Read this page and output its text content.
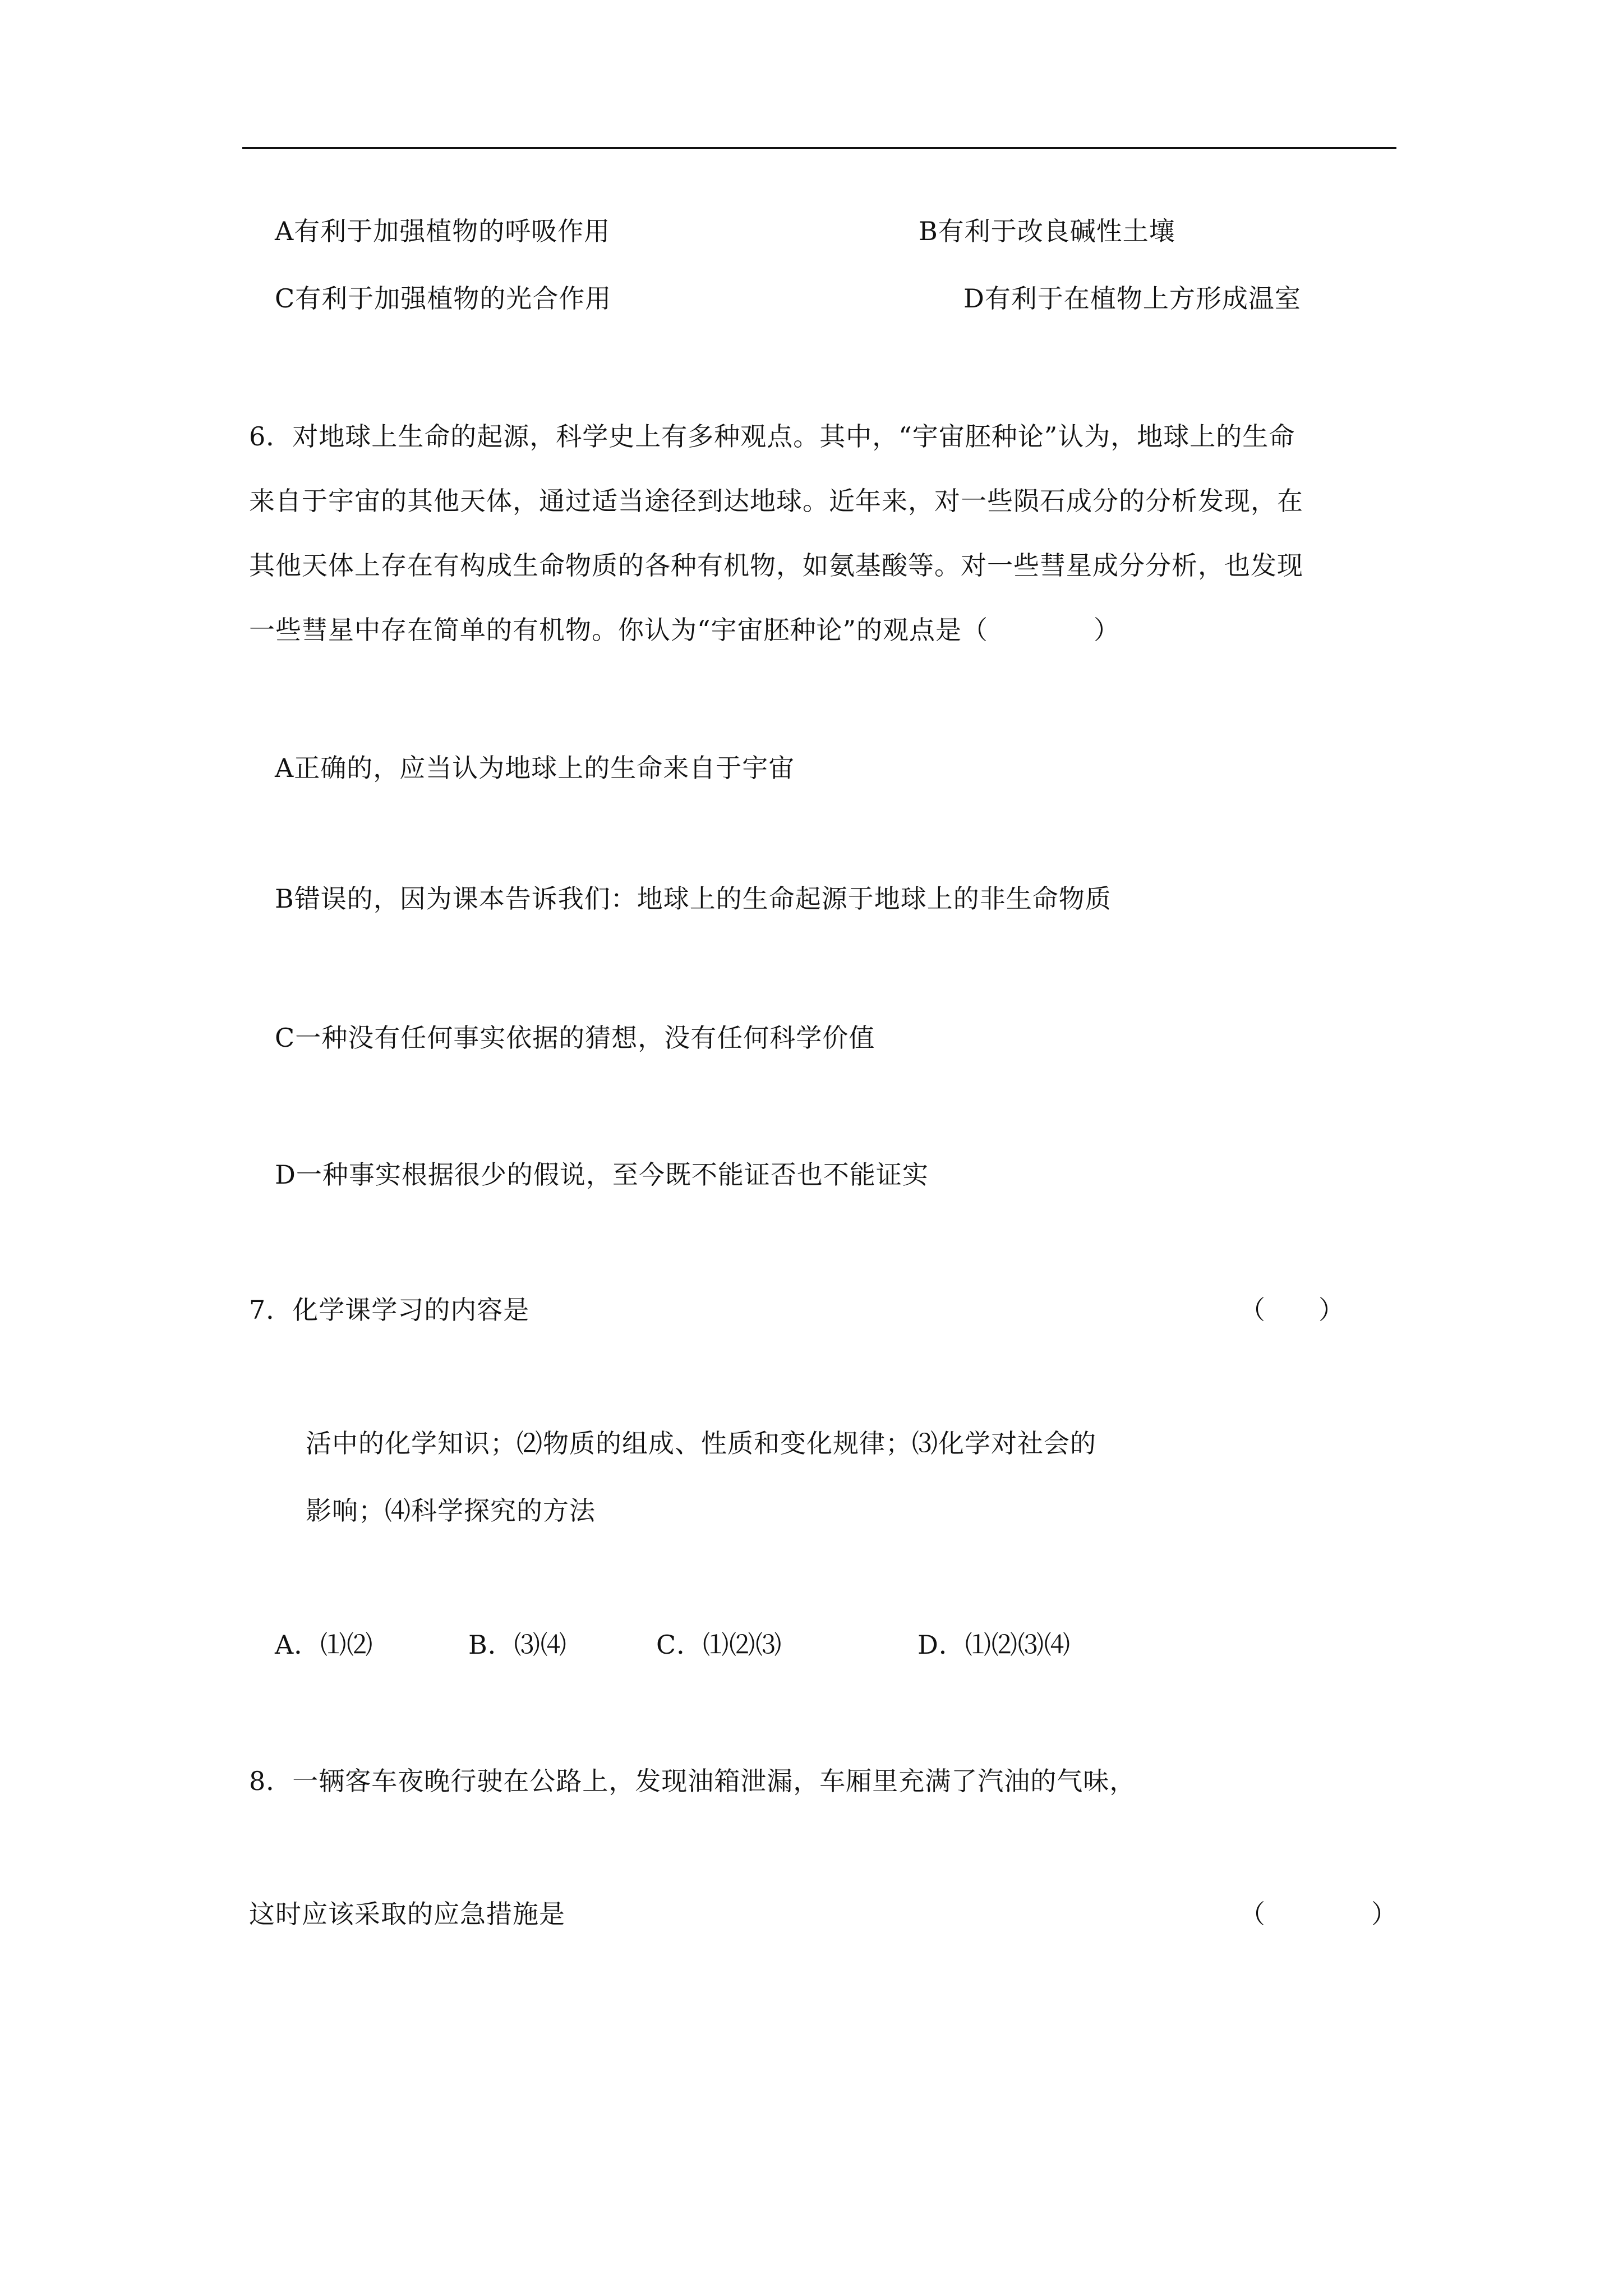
A有利于加强植物的呼吸作用	B有利于改良碱性土壤
C有利于加强植物的光合作用	D有利于在植物上方形成温室
6．对地球上生命的起源，科学史上有多种观点。其中，“宇宙胚种论”认为，地球上的生命
来自于宇宙的其他天体，通过适当途径到达地球。近年来，对一些陨石成分的分析发现，在
其他天体上存在有构成生命物质的各种有机物，如氨基酸等。对一些彗星成分分析，也发现
一些彗星中存在简单的有机物。你认为“宇宙胚种论”的观点是（　　　　）
A正确的，应当认为地球上的生命来自于宇宙
B错误的，因为课本告诉我们：地球上的生命起源于地球上的非生命物质
C一种没有任何事实依据的猜想，没有任何科学价值
D一种事实根据很少的假说，至今既不能证否也不能证实
7．化学课学习的内容是	（　　）
活中的化学知识；⑵物质的组成、性质和变化规律；⑶化学对社会的
影响；⑷科学探究的方法
A．⑴⑵	B．⑶⑷	C．⑴⑵⑶	D．⑴⑵⑶⑷
8．一辆客车夜晚行驶在公路上，发现油箱泄漏，车厢里充满了汽油的气味，
这时应该采取的应急措施是	（　　　　）
